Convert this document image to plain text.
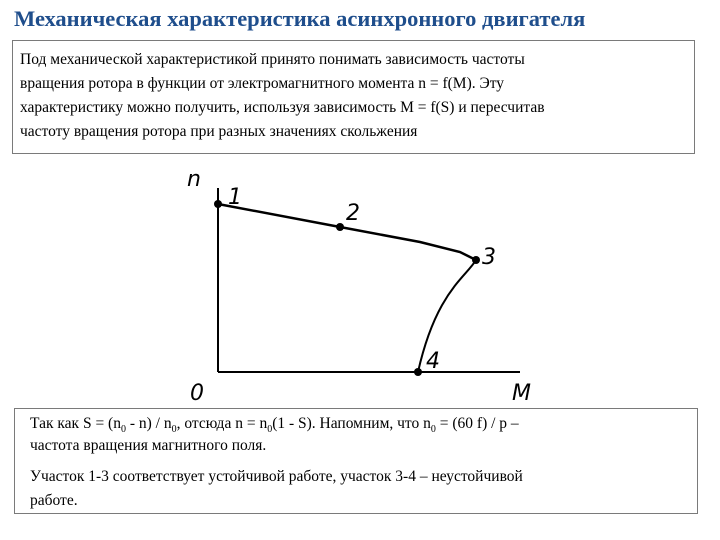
Механическая характеристика асинхронного двигателя
Под механической характеристикой принято понимать зависимость частоты
вращения ротора в функции от электромагнитного момента n = f(M). Эту
характеристику можно получить, используя зависимость M = f(S) и пересчитав
частоту вращения ротора при разных значениях скольжения
n
M
0
1
2
3
4
Так как $S = (n_0 - n) / n_0$, отсюда $n = n_0(1 - S)$. Напомним, что $n_0 = (60$ f) / p –
частота вращения магнитного поля.
Участок 1-3 соответствует устойчивой работе, участок 3-4 – неустойчивой
работе.
